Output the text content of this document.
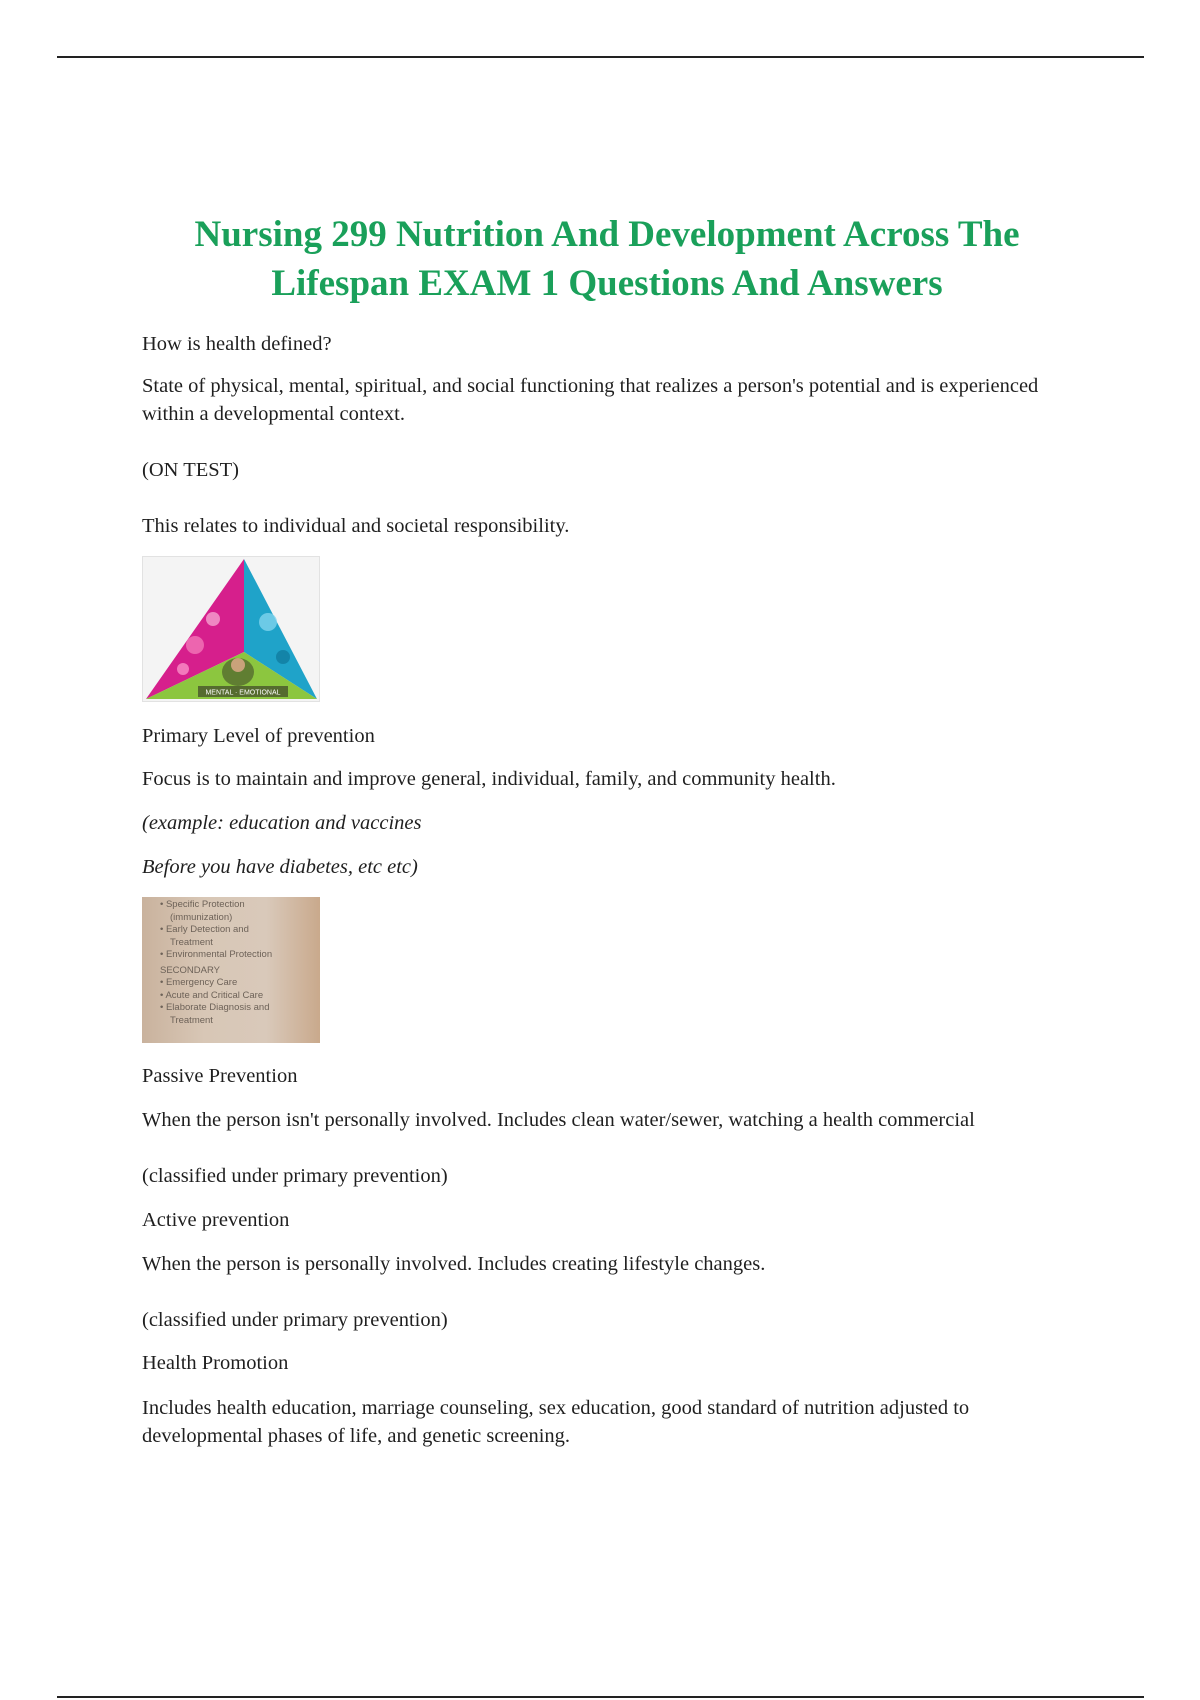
Nursing 299 Nutrition And Development Across The Lifespan EXAM 1 Questions And Answers

How is health defined?

State of physical, mental, spiritual, and social functioning that realizes a person's potential and is experienced within a developmental context.

(ON TEST)

This relates to individual and societal responsibility.

MENTAL · EMOTIONAL

Primary Level of prevention

Focus is to maintain and improve general, individual, family, and community health.

(example: education and vaccines

Before you have diabetes, etc etc)

• Specific Protection
(immunization)
• Early Detection and
Treatment
• Environmental Protection
SECONDARY
• Emergency Care
• Acute and Critical Care
• Elaborate Diagnosis and
Treatment

Passive Prevention

When the person isn't personally involved. Includes clean water/sewer, watching a health commercial

(classified under primary prevention)

Active prevention

When the person is personally involved. Includes creating lifestyle changes.

(classified under primary prevention)

Health Promotion

Includes health education, marriage counseling, sex education, good standard of nutrition adjusted to developmental phases of life, and genetic screening.
